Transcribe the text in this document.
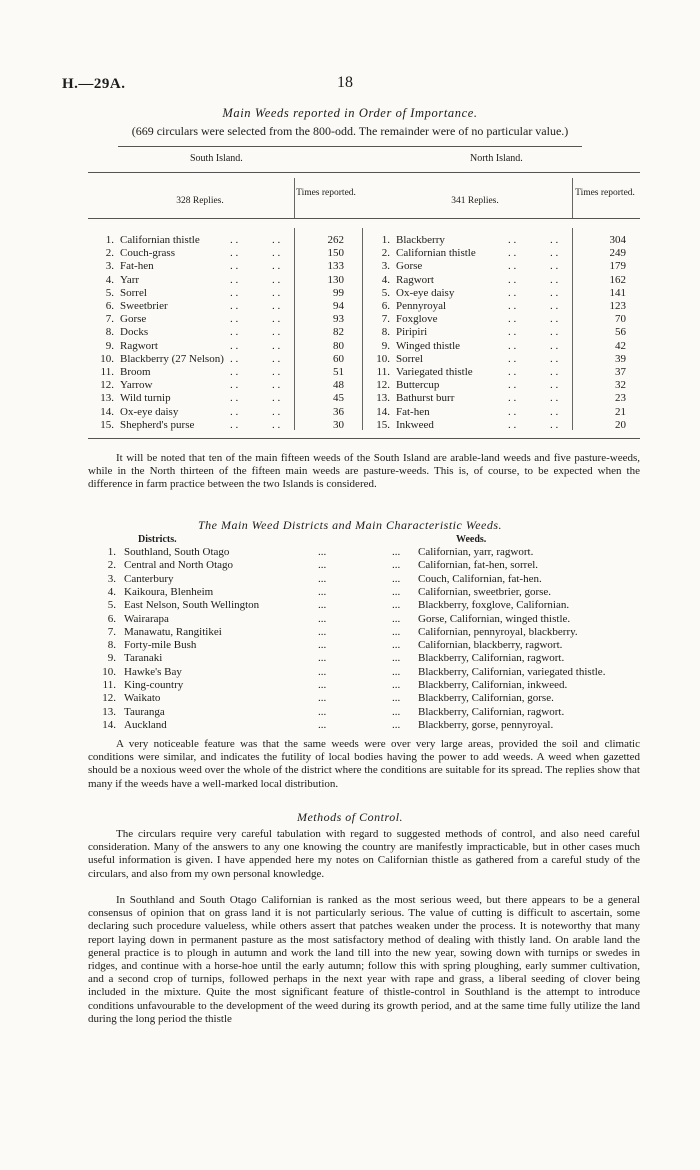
H.—29A.	18
Main Weeds reported in Order of Importance.
(669 circulars were selected from the 800-odd. The remainder were of no particular value.)
South Island.	North Island.
328 Replies.
Times reported.
341 Replies.
Times reported.
1. Californian thistle	. .	. .	262
2. Couch-grass	. .	. .	150
3. Fat-hen	. .	. .	133
4. Yarr	. .	. .	130
5. Sorrel	. .	. .	99
6. Sweetbrier	. .	. .	94
7. Gorse	. .	. .	93
8. Docks	. .	. .	82
9. Ragwort	. .	. .	80
10. Blackberry (27 Nelson) . .	. .	60
11. Broom	. .	. .	51
12. Yarrow	. .	. .	48
13. Wild turnip	. .	. .	45
14. Ox-eye daisy	. .	. .	36
15. Shepherd's purse	. .	. .	30
1. Blackberry	. .	. .	304
2. Californian thistle	. .	. .	249
3. Gorse	. .	. .	179
4. Ragwort	. .	. .	162
5. Ox-eye daisy	. .	. .	141
6. Pennyroyal	. .	. .	123
7. Foxglove	. .	. .	70
8. Piripiri	. .	. .	56
9. Winged thistle	. .	. .	42
10. Sorrel	. .	. .	39
11. Variegated thistle	. .	. .	37
12. Buttercup	. .	. .	32
13. Bathurst burr	. .	. .	23
14. Fat-hen	. .	. .	21
15. Inkweed	. .	. .	20
It will be noted that ten of the main fifteen weeds of the South Island are arable-land weeds and five pasture-weeds, while in the North thirteen of the fifteen main weeds are pasture-weeds. This is, of course, to be expected when the difference in farm practice between the two Islands is considered.
The Main Weed Districts and Main Characteristic Weeds.
Districts.	Weeds.
1. Southland, South Otago	...	... Californian, yarr, ragwort.
2. Central and North Otago	...	... Californian, fat-hen, sorrel.
3. Canterbury	...	... Couch, Californian, fat-hen.
4. Kaikoura, Blenheim	...	... Californian, sweetbrier, gorse.
5. East Nelson, South Wellington	...	... Blackberry, foxglove, Californian.
6. Wairarapa	...	... Gorse, Californian, winged thistle.
7. Manawatu, Rangitikei	...	... Californian, pennyroyal, blackberry.
8. Forty-mile Bush	...	... Californian, blackberry, ragwort.
9. Taranaki	...	... Blackberry, Californian, ragwort.
10. Hawke's Bay	...	... Blackberry, Californian, variegated thistle.
11. King-country	...	... Blackberry, Californian, inkweed.
12. Waikato	...	... Blackberry, Californian, gorse.
13. Tauranga	...	... Blackberry, Californian, ragwort.
14. Auckland	...	... Blackberry, gorse, pennyroyal.
A very noticeable feature was that the same weeds were over very large areas, provided the soil and climatic conditions were similar, and indicates the futility of local bodies having the power to add weeds. A weed when gazetted should be a noxious weed over the whole of the district where the conditions are suitable for its spread. The replies show that many if the weeds have a well-marked local distribution.
Methods of Control.
The circulars require very careful tabulation with regard to suggested methods of control, and also need careful consideration. Many of the answers to any one knowing the country are manifestly impracticable, but in other cases much useful information is given. I have appended here my notes on Californian thistle as gathered from a careful study of the circulars, and also from my own personal knowledge.
In Southland and South Otago Californian is ranked as the most serious weed, but there appears to be a general consensus of opinion that on grass land it is not particularly serious. The value of cutting is difficult to ascertain, some declaring such procedure valueless, while others assert that patches weaken under the process. It is noteworthy that many report laying down in permanent pasture as the most satisfactory method of dealing with thistly land. On arable land the general practice is to plough in autumn and work the land till into the new year, sowing down with turnips or swedes in ridges, and continue with a horse-hoe until the early autumn; follow this with spring ploughing, early summer cultivation, and a second crop of turnips, followed perhaps in the next year with rape and grass, a liberal seeding of clover being included in the mixture. Quite the most significant feature of thistle-control in Southland is the attempt to introduce conditions unfavourable to the development of the weed during its growth period, and at the same time fully utilize the land during the long period the thistle
